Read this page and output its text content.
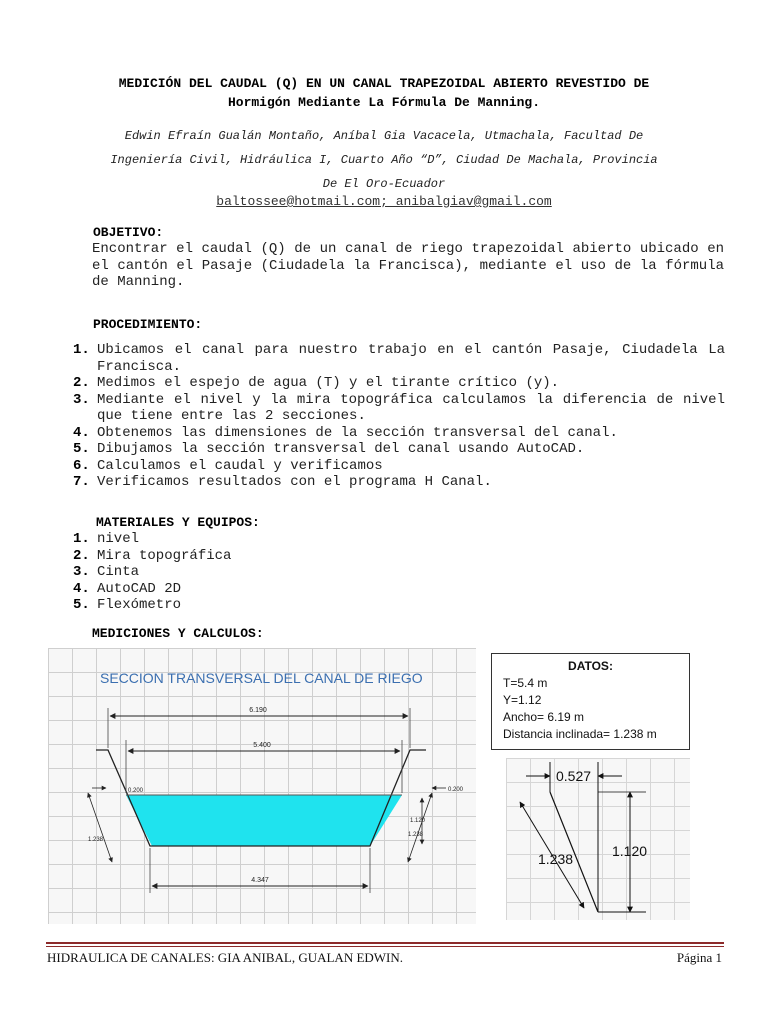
MEDICIÓN DEL CAUDAL (Q) EN UN CANAL TRAPEZOIDAL ABIERTO REVESTIDO DE
Hormigón Mediante La Fórmula De Manning.
Edwin Efraín Gualán Montaño, Aníbal Gia Vacacela, Utmachala, Facultad De
Ingeniería Civil, Hidráulica I, Cuarto Año “D”, Ciudad De Machala, Provincia
De El Oro-Ecuador
baltossee@hotmail.com; anibalgiav@gmail.com
OBJETIVO:
Encontrar el caudal (Q) de un canal de riego trapezoidal abierto ubicado en el cantón el Pasaje (Ciudadela la Francisca), mediante el uso de la fórmula de Manning.
PROCEDIMIENTO:
1. Ubicamos el canal para nuestro trabajo en el cantón Pasaje, Ciudadela La Francisca.
2. Medimos el espejo de agua (T) y el tirante crítico (y).
3. Mediante el nivel y la mira topográfica calculamos la diferencia de nivel que tiene entre las 2 secciones.
4. Obtenemos las dimensiones de la sección transversal del canal.
5. Dibujamos la sección transversal del canal usando AutoCAD.
6. Calculamos el caudal y verificamos
7. Verificamos resultados con el programa H Canal.
MATERIALES Y EQUIPOS:
1. nivel
2. Mira topográfica
3. Cinta
4. AutoCAD 2D
5. Flexómetro
MEDICIONES Y CALCULOS:
SECCION TRANSVERSAL DEL CANAL DE RIEGO
6.190
5.400
4.347
0.200	0.200
1.120
1.238
1.238
DATOS:
T=5.4 m
Y=1.12
Ancho= 6.19 m
Distancia inclinada= 1.238 m
0.527
1.238	1.120
HIDRAULICA DE CANALES: GIA ANIBAL, GUALAN EDWIN.	Página 1
